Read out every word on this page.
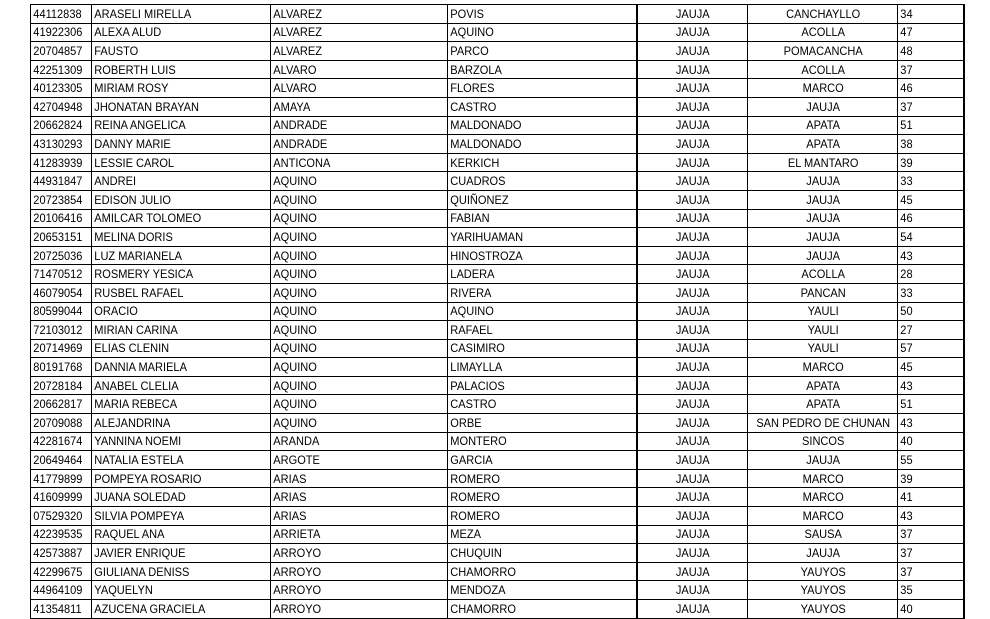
44112838	ARASELI MIRELLA	ALVAREZ	POVIS	JAUJA	CANCHAYLLO	34
41922306	ALEXA ALUD	ALVAREZ	AQUINO	JAUJA	ACOLLA	47
20704857	FAUSTO	ALVAREZ	PARCO	JAUJA	POMACANCHA	48
42251309	ROBERTH LUIS	ALVARO	BARZOLA	JAUJA	ACOLLA	37
40123305	MIRIAM ROSY	ALVARO	FLORES	JAUJA	MARCO	46
42704948	JHONATAN BRAYAN	AMAYA	CASTRO	JAUJA	JAUJA	37
20662824	REINA ANGELICA	ANDRADE	MALDONADO	JAUJA	APATA	51
43130293	DANNY MARIE	ANDRADE	MALDONADO	JAUJA	APATA	38
41283939	LESSIE CAROL	ANTICONA	KERKICH	JAUJA	EL MANTARO	39
44931847	ANDREI	AQUINO	CUADROS	JAUJA	JAUJA	33
20723854	EDISON JULIO	AQUINO	QUIÑONEZ	JAUJA	JAUJA	45
20106416	AMILCAR TOLOMEO	AQUINO	FABIAN	JAUJA	JAUJA	46
20653151	MELINA DORIS	AQUINO	YARIHUAMAN	JAUJA	JAUJA	54
20725036	LUZ MARIANELA	AQUINO	HINOSTROZA	JAUJA	JAUJA	43
71470512	ROSMERY YESICA	AQUINO	LADERA	JAUJA	ACOLLA	28
46079054	RUSBEL RAFAEL	AQUINO	RIVERA	JAUJA	PANCAN	33
80599044	ORACIO	AQUINO	AQUINO	JAUJA	YAULI	50
72103012	MIRIAN CARINA	AQUINO	RAFAEL	JAUJA	YAULI	27
20714969	ELIAS CLENIN	AQUINO	CASIMIRO	JAUJA	YAULI	57
80191768	DANNIA MARIELA	AQUINO	LIMAYLLA	JAUJA	MARCO	45
20728184	ANABEL CLELIA	AQUINO	PALACIOS	JAUJA	APATA	43
20662817	MARIA REBECA	AQUINO	CASTRO	JAUJA	APATA	51
20709088	ALEJANDRINA	AQUINO	ORBE	JAUJA	SAN PEDRO DE CHUNAN	43
42281674	YANNINA NOEMI	ARANDA	MONTERO	JAUJA	SINCOS	40
20649464	NATALIA ESTELA	ARGOTE	GARCIA	JAUJA	JAUJA	55
41779899	POMPEYA ROSARIO	ARIAS	ROMERO	JAUJA	MARCO	39
41609999	JUANA SOLEDAD	ARIAS	ROMERO	JAUJA	MARCO	41
07529320	SILVIA POMPEYA	ARIAS	ROMERO	JAUJA	MARCO	43
42239535	RAQUEL ANA	ARRIETA	MEZA	JAUJA	SAUSA	37
42573887	JAVIER ENRIQUE	ARROYO	CHUQUIN	JAUJA	JAUJA	37
42299675	GIULIANA DENISS	ARROYO	CHAMORRO	JAUJA	YAUYOS	37
44964109	YAQUELYN	ARROYO	MENDOZA	JAUJA	YAUYOS	35
41354811	AZUCENA GRACIELA	ARROYO	CHAMORRO	JAUJA	YAUYOS	40
